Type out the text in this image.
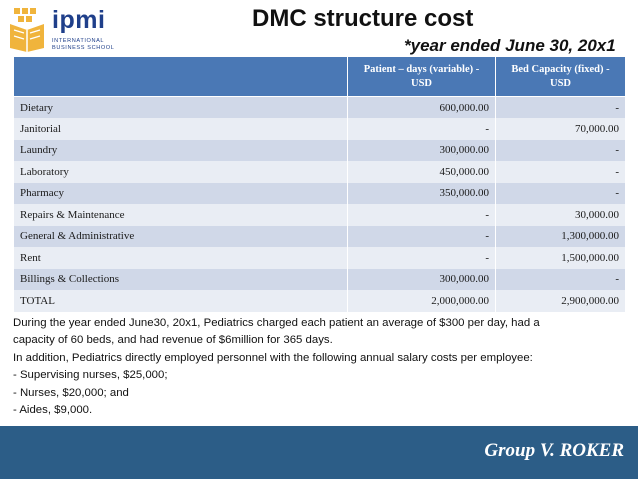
ipmi
INTERNATIONAL
BUSINESS SCHOOL
DMC structure cost
*year ended June 30, 20x1
	Patient – days (variable) - USD	Bed Capacity (fixed) - USD
Dietary	600,000.00	-
Janitorial	-	70,000.00
Laundry	300,000.00	-
Laboratory	450,000.00	-
Pharmacy	350,000.00	-
Repairs & Maintenance	-	30,000.00
General & Administrative	-	1,300,000.00
Rent	-	1,500,000.00
Billings & Collections	300,000.00	-
TOTAL	2,000,000.00	2,900,000.00

During the year ended June30, 20x1, Pediatrics charged each patient an average of $300 per day, had a

capacity of 60 beds, and had revenue of $6million for 365 days.

In addition, Pediatrics directly employed personnel with the following annual salary costs per employee:

- Supervising nurses, $25,000;

- Nurses, $20,000; and

- Aides, $9,000.

Group V. ROKER
